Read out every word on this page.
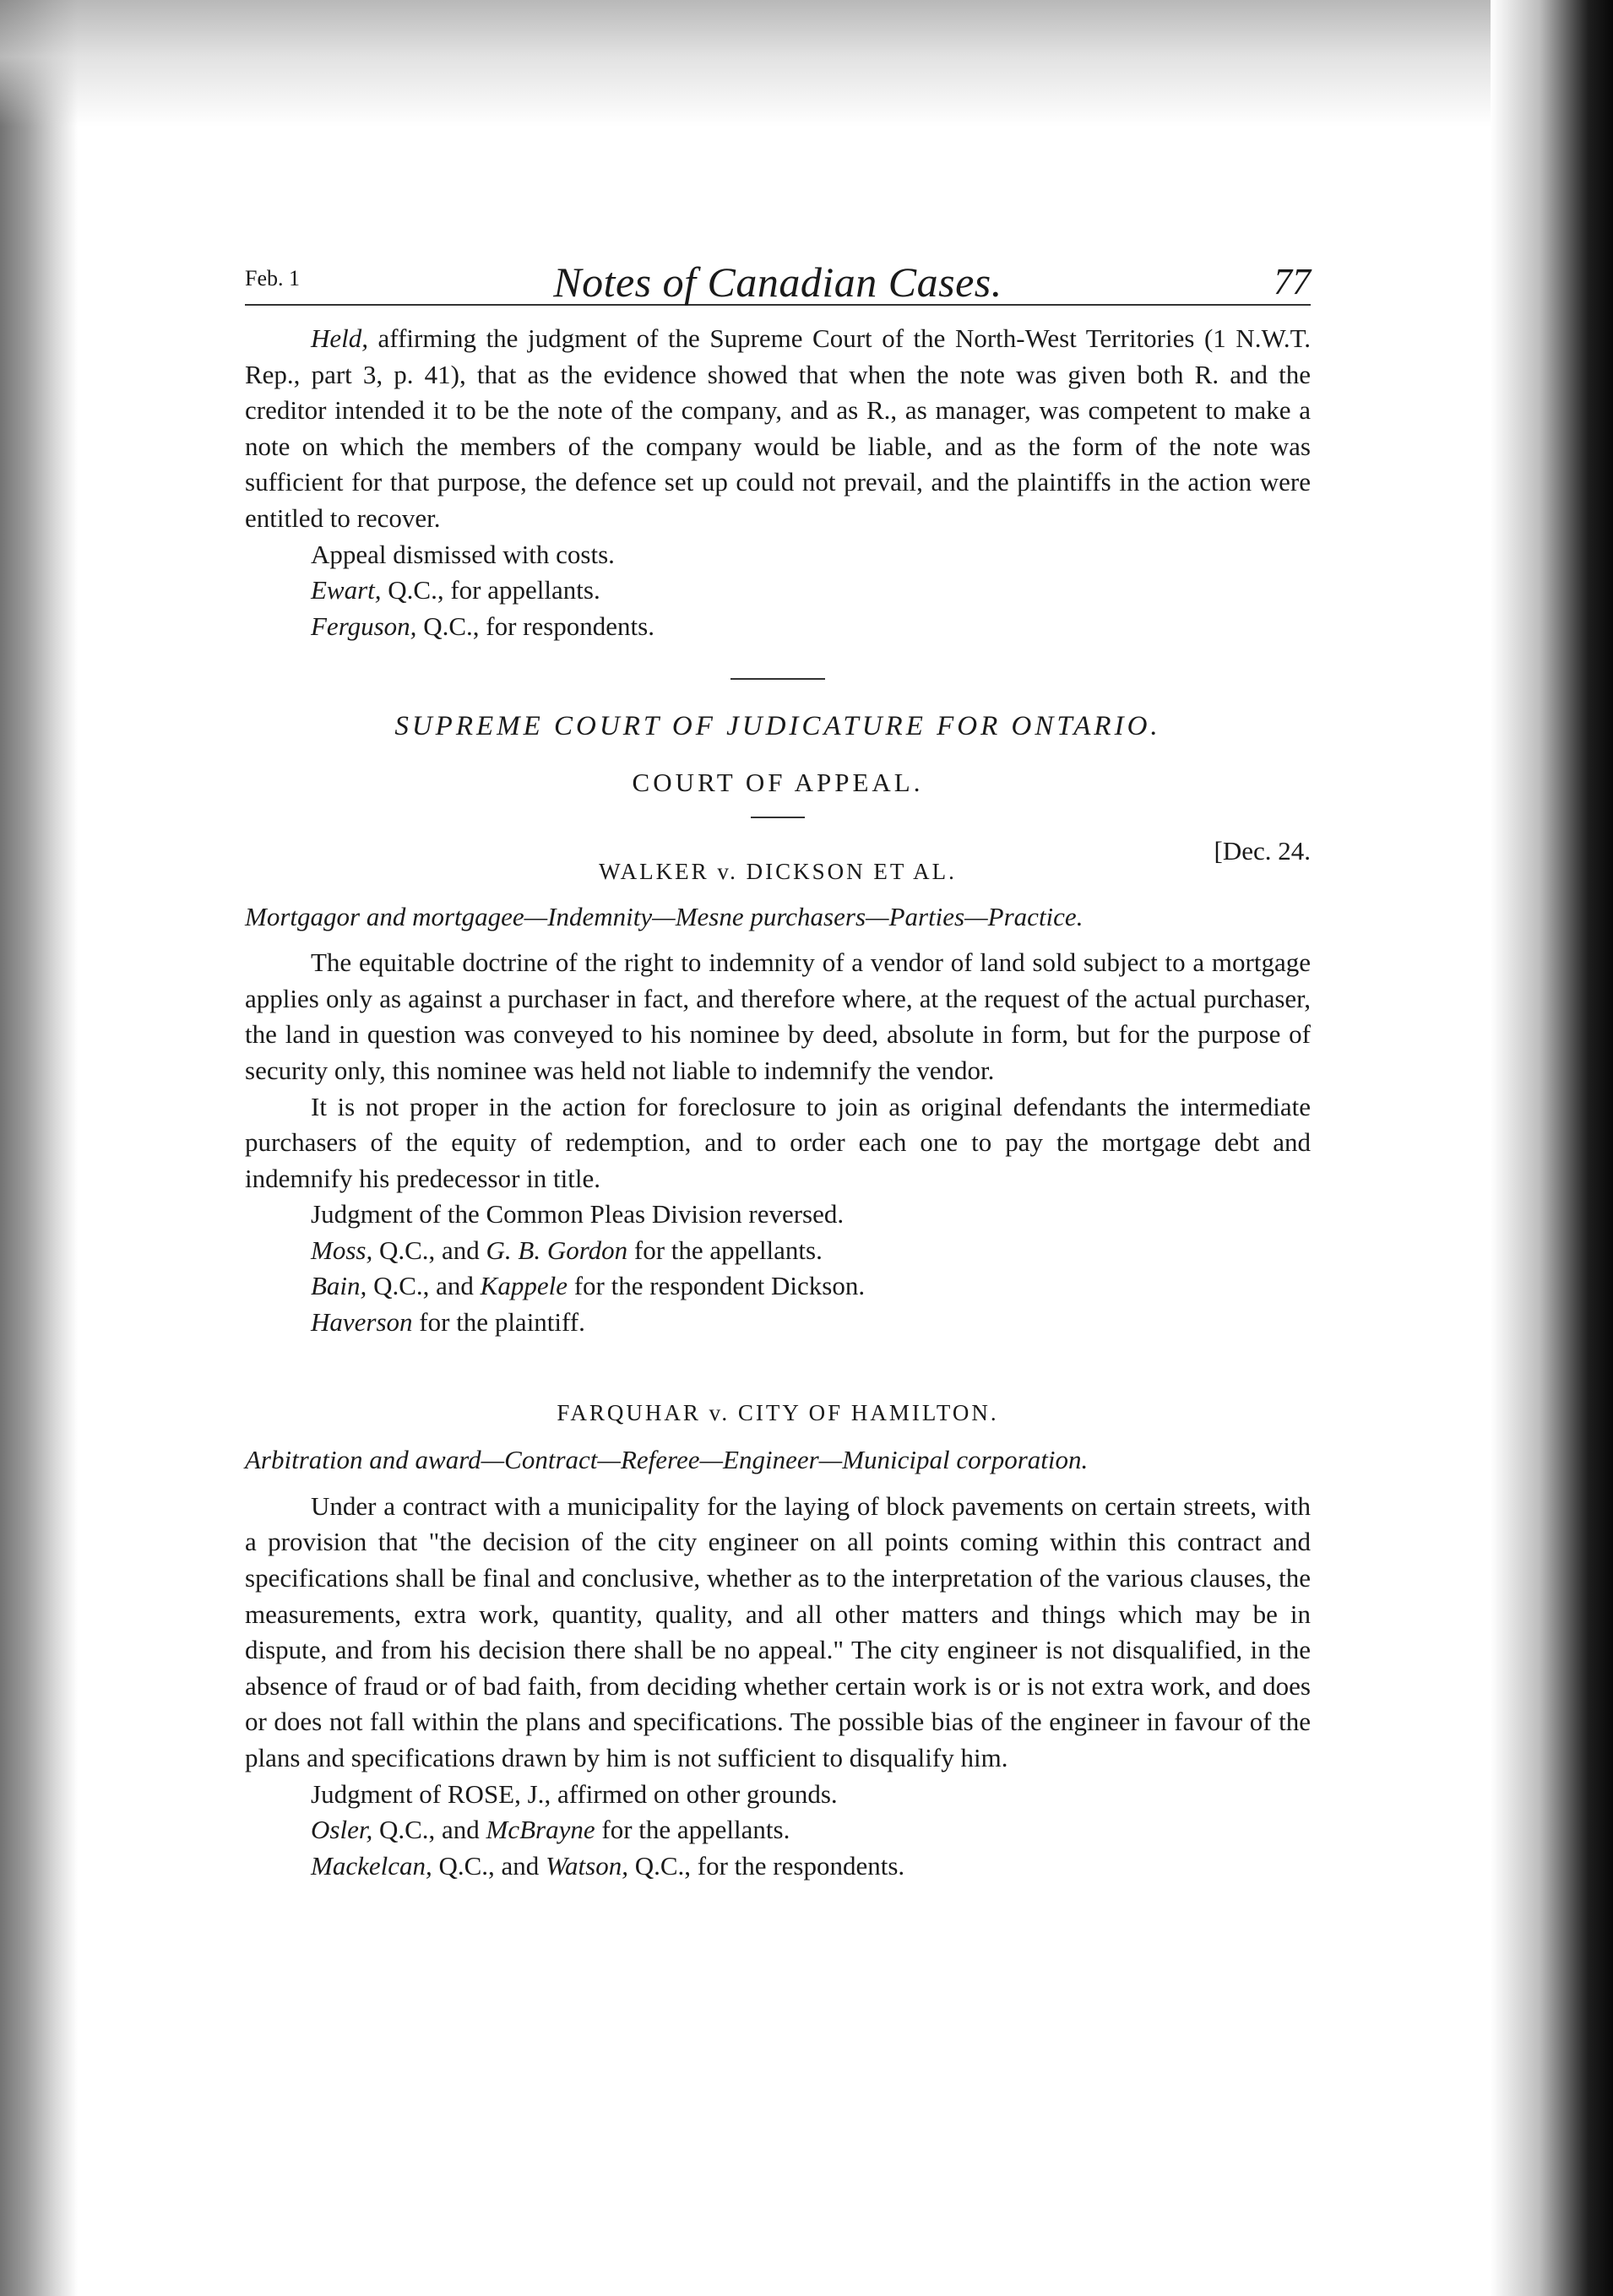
Feb. 1	Notes of Canadian Cases.	77

Held, affirming the judgment of the Supreme Court of the North-West Territories (1 N.W.T. Rep., part 3, p. 41), that as the evidence showed that when the note was given both R. and the creditor intended it to be the note of the company, and as R., as manager, was competent to make a note on which the members of the company would be liable, and as the form of the note was sufficient for that purpose, the defence set up could not prevail, and the plaintiffs in the action were entitled to recover.

Appeal dismissed with costs.

Ewart, Q.C., for appellants.

Ferguson, Q.C., for respondents.

SUPREME COURT OF JUDICATURE FOR ONTARIO.
COURT OF APPEAL.
[Dec. 24.
WALKER v. DICKSON ET AL.
Mortgagor and mortgagee—Indemnity—Mesne purchasers—Parties—Practice.

The equitable doctrine of the right to indemnity of a vendor of land sold subject to a mortgage applies only as against a purchaser in fact, and therefore where, at the request of the actual purchaser, the land in question was conveyed to his nominee by deed, absolute in form, but for the purpose of security only, this nominee was held not liable to indemnify the vendor.

It is not proper in the action for foreclosure to join as original defendants the intermediate purchasers of the equity of redemption, and to order each one to pay the mortgage debt and indemnify his predecessor in title.

Judgment of the Common Pleas Division reversed.

Moss, Q.C., and G. B. Gordon for the appellants.

Bain, Q.C., and Kappele for the respondent Dickson.

Haverson for the plaintiff.

FARQUHAR v. CITY OF HAMILTON.
Arbitration and award—Contract—Referee—Engineer—Municipal corporation.

Under a contract with a municipality for the laying of block pavements on certain streets, with a provision that "the decision of the city engineer on all points coming within this contract and specifications shall be final and conclusive, whether as to the interpretation of the various clauses, the measurements, extra work, quantity, quality, and all other matters and things which may be in dispute, and from his decision there shall be no appeal." The city engineer is not disqualified, in the absence of fraud or of bad faith, from deciding whether certain work is or is not extra work, and does or does not fall within the plans and specifications. The possible bias of the engineer in favour of the plans and specifications drawn by him is not sufficient to disqualify him.

Judgment of ROSE, J., affirmed on other grounds.

Osler, Q.C., and McBrayne for the appellants.

Mackelcan, Q.C., and Watson, Q.C., for the respondents.
